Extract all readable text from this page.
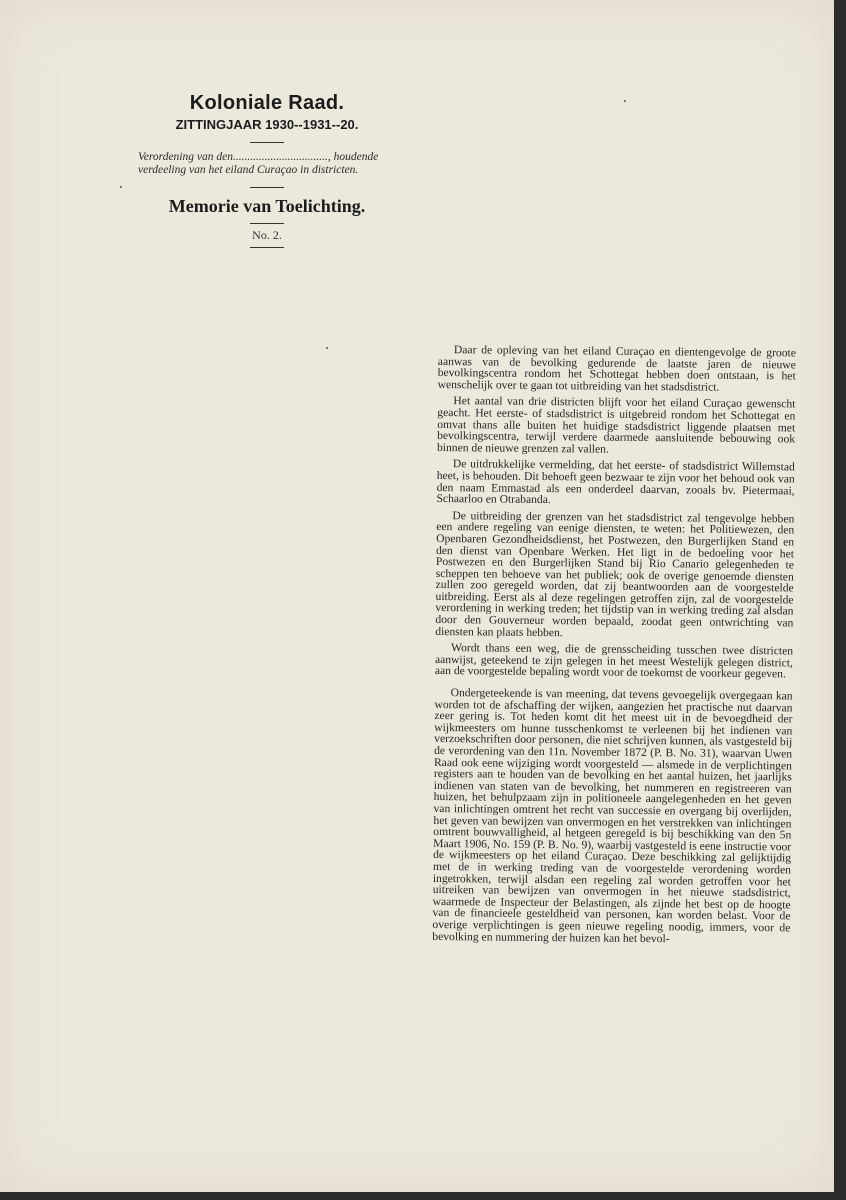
Koloniale Raad.
ZITTINGJAAR 1930--1931--20.
Verordening van den................................., houdende verdeeling van het eiland Curaçao in districten.
Memorie van Toelichting.
No. 2.

Daar de opleving van het eiland Curaçao en dientengevolge de groote aanwas van de bevolking gedurende de laatste jaren de nieuwe bevolkingscentra rondom het Schottegat hebben doen ontstaan, is het wenschelijk over te gaan tot uitbreiding van het stadsdistrict.

Het aantal van drie districten blijft voor het eiland Curaçao gewenscht geacht. Het eerste- of stadsdistrict is uitgebreid rondom het Schottegat en omvat thans alle buiten het huidige stadsdistrict liggende plaatsen met bevolkingscentra, terwijl verdere daarmede aansluitende bebouwing ook binnen de nieuwe grenzen zal vallen.

De uitdrukkelijke vermelding, dat het eerste- of stadsdistrict Willemstad heet, is behouden. Dit behoeft geen bezwaar te zijn voor het behoud ook van den naam Emmastad als een onderdeel daarvan, zooals bv. Pietermaai, Schaarloo en Otrabanda.

De uitbreiding der grenzen van het stadsdistrict zal tengevolge hebben een andere regeling van eenige diensten, te weten: het Politiewezen, den Openbaren Gezondheidsdienst, het Postwezen, den Burgerlijken Stand en den dienst van Openbare Werken. Het ligt in de bedoeling voor het Postwezen en den Burgerlijken Stand bij Rio Canario gelegenheden te scheppen ten behoeve van het publiek; ook de overige genoemde diensten zullen zoo geregeld worden, dat zij beantwoorden aan de voorgestelde uitbreiding. Eerst als al deze regelingen getroffen zijn, zal de voorgestelde verordening in werking treden; het tijdstip van in werking treding zal alsdan door den Gouverneur worden bepaald, zoodat geen ontwrichting van diensten kan plaats hebben.

Wordt thans een weg, die de grensscheiding tusschen twee districten aanwijst, geteekend te zijn gelegen in het meest Westelijk gelegen district, aan de voorgestelde bepaling wordt voor de toekomst de voorkeur gegeven.

Ondergeteekende is van meening, dat tevens gevoegelijk overgegaan kan worden tot de afschaffing der wijken, aangezien het practische nut daarvan zeer gering is. Tot heden komt dit het meest uit in de bevoegdheid der wijkmeesters om hunne tusschenkomst te verleenen bij het indienen van verzoekschriften door personen, die niet schrijven kunnen, als vastgesteld bij de verordening van den 11n. November 1872 (P. B. No. 31), waarvan Uwen Raad ook eene wijziging wordt voorgesteld — alsmede in de verplichtingen registers aan te houden van de bevolking en het aantal huizen, het jaarlijks indienen van staten van de bevolking, het nummeren en registreeren van huizen, het behulpzaam zijn in politioneele aangelegenheden en het geven van inlichtingen omtrent het recht van successie en overgang bij overlijden, het geven van bewijzen van onvermogen en het verstrekken van inlichtingen omtrent bouwvalligheid, al hetgeen geregeld is bij beschikking van den 5n Maart 1906, No. 159 (P. B. No. 9), waarbij vastgesteld is eene instructie voor de wijkmeesters op het eiland Curaçao. Deze beschikking zal gelijktijdig met de in werking treding van de voorgestelde verordening worden ingetrokken, terwijl alsdan een regeling zal worden getroffen voor het uitreiken van bewijzen van onvermogen in het nieuwe stadsdistrict, waarmede de Inspecteur der Belastingen, als zijnde het best op de hoogte van de financieele gesteldheid van personen, kan worden belast. Voor de overige verplichtingen is geen nieuwe regeling noodig, immers, voor de bevolking en nummering der huizen kan het bevol-
